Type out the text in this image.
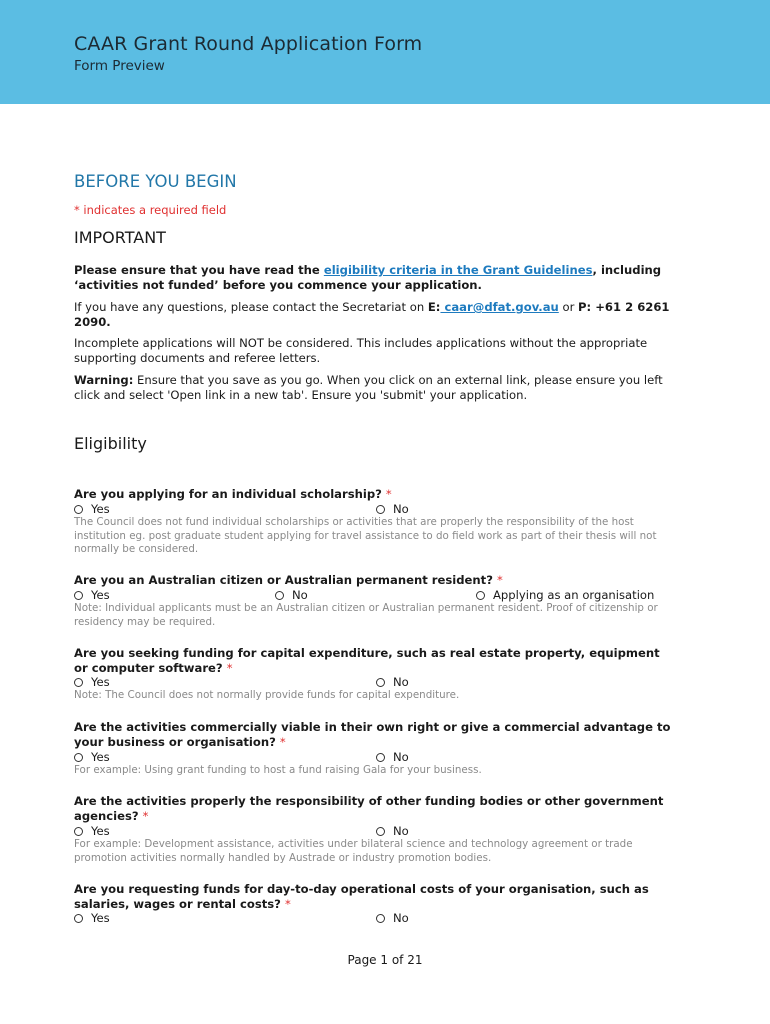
CAAR Grant Round Application Form
Form Preview
BEFORE YOU BEGIN
* indicates a required field
IMPORTANT
Please ensure that you have read the eligibility criteria in the Grant Guidelines, including ‘activities not funded’ before you commence your application.
If you have any questions, please contact the Secretariat on E: caar@dfat.gov.au or P: +61 2 6261 2090.
Incomplete applications will NOT be considered. This includes applications without the appropriate supporting documents and referee letters.
Warning: Ensure that you save as you go. When you click on an external link, please ensure you left click and select 'Open link in a new tab'. Ensure you 'submit' your application.
Eligibility
Are you applying for an individual scholarship? *
Yes	No
The Council does not fund individual scholarships or activities that are properly the responsibility of the host institution eg. post graduate student applying for travel assistance to do field work as part of their thesis will not normally be considered.
Are you an Australian citizen or Australian permanent resident? *
Yes	No	Applying as an organisation
Note: Individual applicants must be an Australian citizen or Australian permanent resident. Proof of citizenship or residency may be required.
Are you seeking funding for capital expenditure, such as real estate property, equipment or computer software? *
Yes	No
Note: The Council does not normally provide funds for capital expenditure.
Are the activities commercially viable in their own right or give a commercial advantage to your business or organisation? *
Yes	No
For example: Using grant funding to host a fund raising Gala for your business.
Are the activities properly the responsibility of other funding bodies or other government agencies? *
Yes	No
For example: Development assistance, activities under bilateral science and technology agreement or trade promotion activities normally handled by Austrade or industry promotion bodies.
Are you requesting funds for day-to-day operational costs of your organisation, such as salaries, wages or rental costs? *
Yes	No
Page 1 of 21
